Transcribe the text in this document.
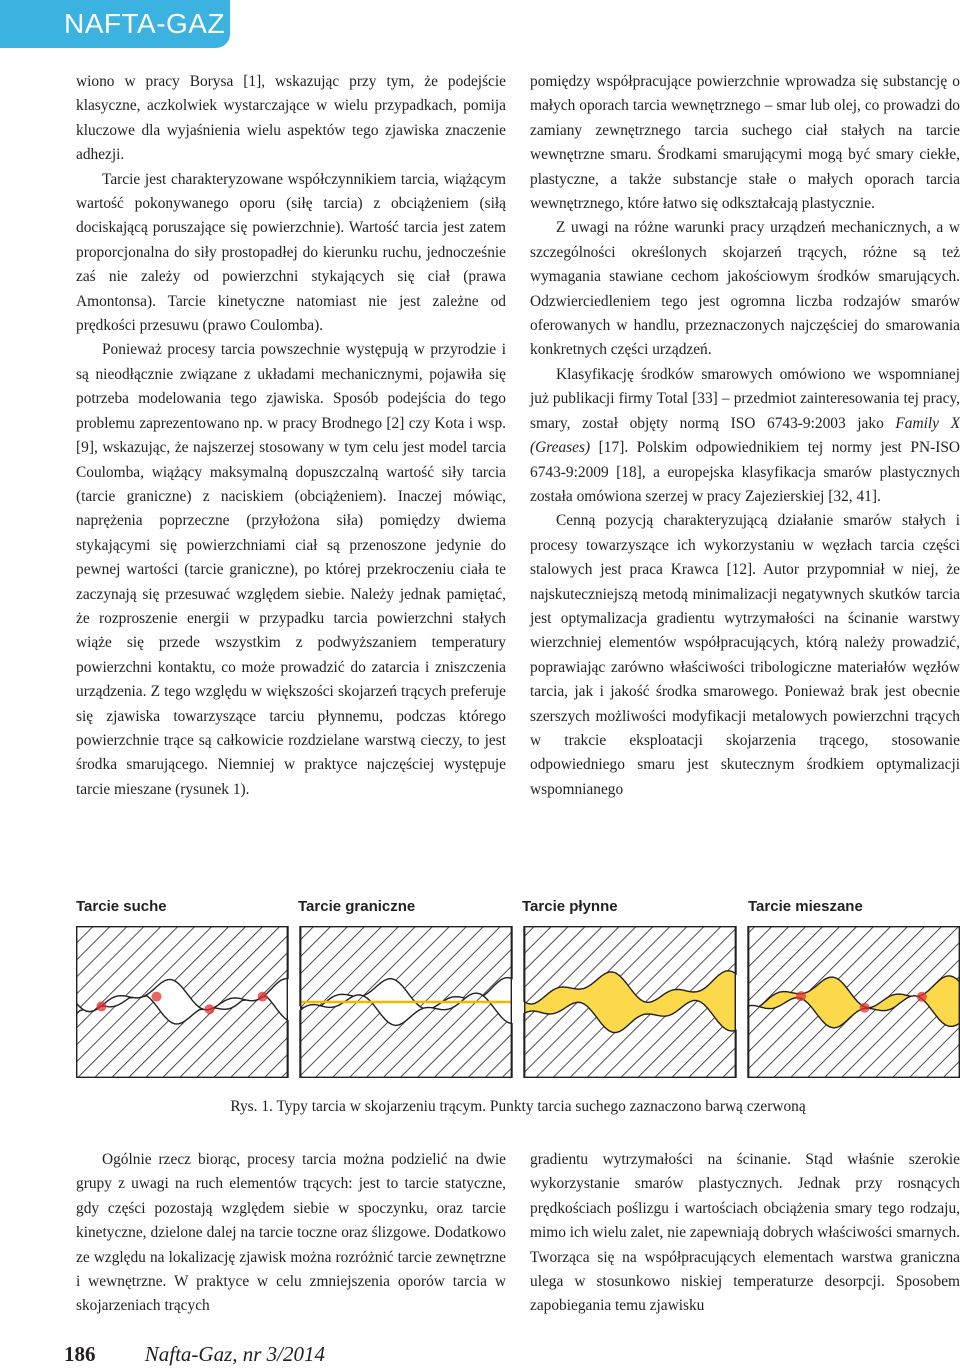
NAFTA-GAZ

wiono w pracy Borysa [1], wskazując przy tym, że podejście klasyczne, aczkolwiek wystarczające w wielu przypadkach, pomija kluczowe dla wyjaśnienia wielu aspektów tego zjawiska znaczenie adhezji.

Tarcie jest charakteryzowane współczynnikiem tarcia, wiążącym wartość pokonywanego oporu (siłę tarcia) z obciążeniem (siłą dociskającą poruszające się powierzchnie). Wartość tarcia jest zatem proporcjonalna do siły prostopadłej do kierunku ruchu, jednocześnie zaś nie zależy od powierzchni stykających się ciał (prawa Amontonsa). Tarcie kinetyczne natomiast nie jest zależne od prędkości przesuwu (prawo Coulomba).

Ponieważ procesy tarcia powszechnie występują w przyrodzie i są nieodłącznie związane z układami mechanicznymi, pojawiła się potrzeba modelowania tego zjawiska. Sposób podejścia do tego problemu zaprezentowano np. w pracy Brodnego [2] czy Kota i wsp. [9], wskazując, że najszerzej stosowany w tym celu jest model tarcia Coulomba, wiążący maksymalną dopuszczalną wartość siły tarcia (tarcie graniczne) z naciskiem (obciążeniem). Inaczej mówiąc, naprężenia poprzeczne (przyłożona siła) pomiędzy dwiema stykającymi się powierzchniami ciał są przenoszone jedynie do pewnej wartości (tarcie graniczne), po której przekroczeniu ciała te zaczynają się przesuwać względem siebie. Należy jednak pamiętać, że rozproszenie energii w przypadku tarcia powierzchni stałych wiąże się przede wszystkim z podwyższaniem temperatury powierzchni kontaktu, co może prowadzić do zatarcia i zniszczenia urządzenia. Z tego względu w większości skojarzeń trących preferuje się zjawiska towarzyszące tarciu płynnemu, podczas którego powierzchnie trące są całkowicie rozdzielane warstwą cieczy, to jest środka smarującego. Niemniej w praktyce najczęściej występuje tarcie mieszane (rysunek 1).

pomiędzy współpracujące powierzchnie wprowadza się substancję o małych oporach tarcia wewnętrznego – smar lub olej, co prowadzi do zamiany zewnętrznego tarcia suchego ciał stałych na tarcie wewnętrzne smaru. Środkami smarującymi mogą być smary ciekłe, plastyczne, a także substancje stałe o małych oporach tarcia wewnętrznego, które łatwo się odkształcają plastycznie.

Z uwagi na różne warunki pracy urządzeń mechanicznych, a w szczególności określonych skojarzeń trących, różne są też wymagania stawiane cechom jakościowym środków smarujących. Odzwierciedleniem tego jest ogromna liczba rodzajów smarów oferowanych w handlu, przeznaczonych najczęściej do smarowania konkretnych części urządzeń.

Klasyfikację środków smarowych omówiono we wspomnianej już publikacji firmy Total [33] – przedmiot zainteresowania tej pracy, smary, został objęty normą ISO 6743-9:2003 jako Family X (Greases) [17]. Polskim odpowiednikiem tej normy jest PN-ISO 6743-9:2009 [18], a europejska klasyfikacja smarów plastycznych została omówiona szerzej w pracy Zajezierskiej [32, 41].

Cenną pozycją charakteryzującą działanie smarów stałych i procesy towarzyszące ich wykorzystaniu w węzłach tarcia części stalowych jest praca Krawca [12]. Autor przypomniał w niej, że najskuteczniejszą metodą minimalizacji negatywnych skutków tarcia jest optymalizacja gradientu wytrzymałości na ścinanie warstwy wierzchniej elementów współpracujących, którą należy prowadzić, poprawiając zarówno właściwości tribologiczne materiałów węzłów tarcia, jak i jakość środka smarowego. Ponieważ brak jest obecnie szerszych możliwości modyfikacji metalowych powierzchni trących w trakcie eksploatacji skojarzenia trącego, stosowanie odpowiedniego smaru jest skutecznym środkiem optymalizacji wspomnianego

Tarcie suche	Tarcie graniczne	Tarcie płynne	Tarcie mieszane
Rys. 1. Typy tarcia w skojarzeniu trącym. Punkty tarcia suchego zaznaczono barwą czerwoną

Ogólnie rzecz biorąc, procesy tarcia można podzielić na dwie grupy z uwagi na ruch elementów trących: jest to tarcie statyczne, gdy części pozostają względem siebie w spoczynku, oraz tarcie kinetyczne, dzielone dalej na tarcie toczne oraz ślizgowe. Dodatkowo ze względu na lokalizację zjawisk można rozróżnić tarcie zewnętrzne i wewnętrzne. W praktyce w celu zmniejszenia oporów tarcia w skojarzeniach trących

gradientu wytrzymałości na ścinanie. Stąd właśnie szerokie wykorzystanie smarów plastycznych. Jednak przy rosnących prędkościach poślizgu i wartościach obciążenia smary tego rodzaju, mimo ich wielu zalet, nie zapewniają dobrych właściwości smarnych. Tworząca się na współpracujących elementach warstwa graniczna ulega w stosunkowo niskiej temperaturze desorpcji. Sposobem zapobiegania temu zjawisku

186 Nafta-Gaz, nr 3/2014
